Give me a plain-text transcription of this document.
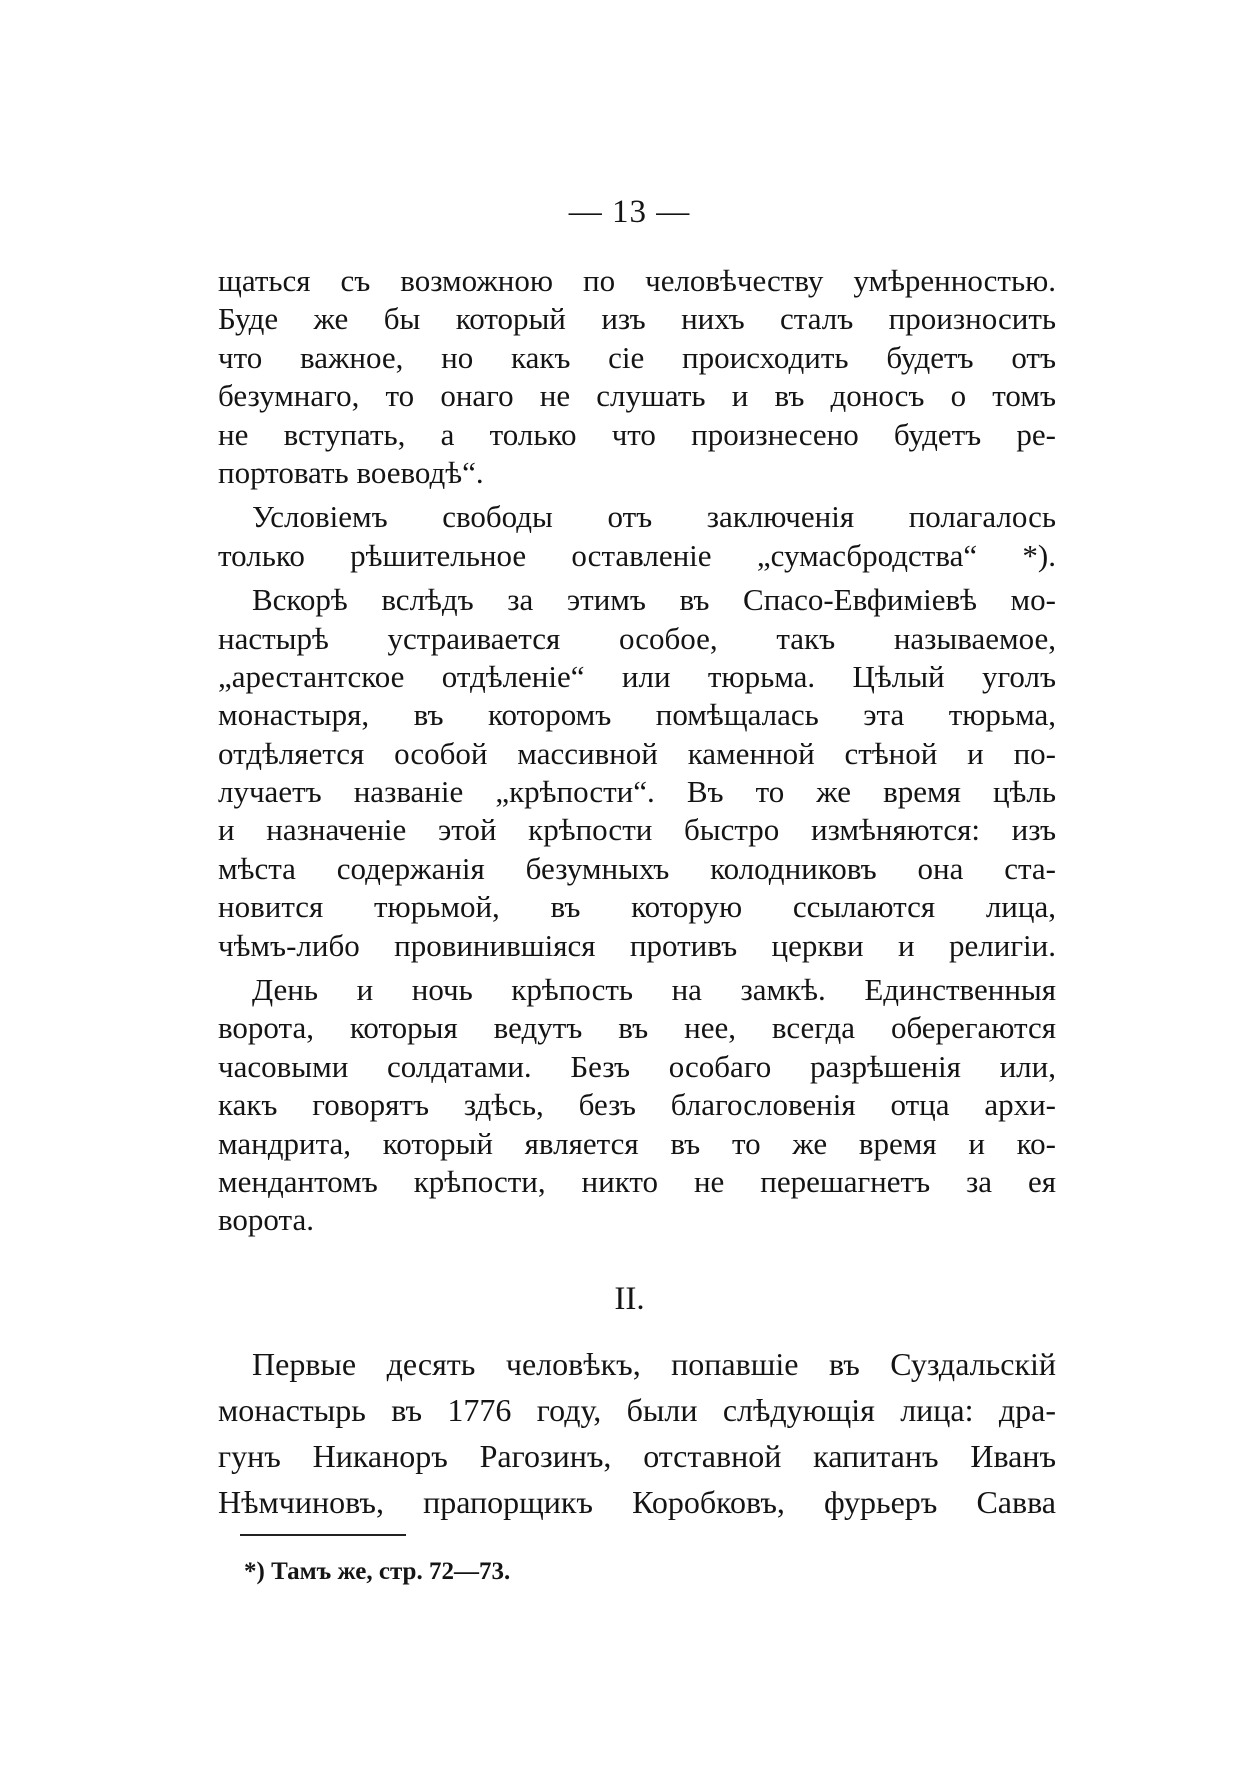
— 13 —
щаться съ возможною по человѣчеству умѣренностью.
Буде же бы который изъ нихъ сталъ произносить
что важное, но какъ сіе происходить будетъ отъ
безумнаго, то онаго не слушать и въ доносъ о томъ
не вступать, а только что произнесено будетъ ре-
портовать воеводѣ“.
Условіемъ свободы отъ заключенія полагалось
только рѣшительное оставленіе „сумасбродства“ *).
Вскорѣ вслѣдъ за этимъ въ Спасо-Евфиміевѣ мо-
настырѣ устраивается особое, такъ называемое,
„арестантское отдѣленіе“ или тюрьма. Цѣлый уголъ
монастыря, въ которомъ помѣщалась эта тюрьма,
отдѣляется особой массивной каменной стѣной и по-
лучаетъ названіе „крѣпости“. Въ то же время цѣль
и назначеніе этой крѣпости быстро измѣняются: изъ
мѣста содержанія безумныхъ колодниковъ она ста-
новится тюрьмой, въ которую ссылаются лица,
чѣмъ-либо провинившіяся противъ церкви и религіи.
День и ночь крѣпость на замкѣ. Единственныя
ворота, которыя ведутъ въ нее, всегда оберегаются
часовыми солдатами. Безъ особаго разрѣшенія или,
какъ говорятъ здѣсь, безъ благословенія отца архи-
мандрита, который является въ то же время и ко-
мендантомъ крѣпости, никто не перешагнетъ за ея
ворота.
II.
Первые десять человѣкъ, попавшіе въ Суздальскій
монастырь въ 1776 году, были слѣдующія лица: дра-
гунъ Никаноръ Рагозинъ, отставной капитанъ Иванъ
Нѣмчиновъ, прапорщикъ Коробковъ, фурьеръ Савва
*) Тамъ же, стр. 72—73.
